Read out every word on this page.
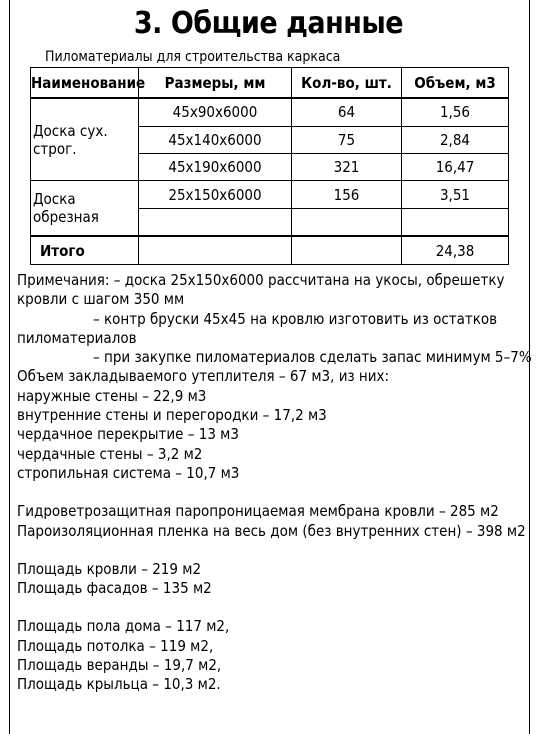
3. Общие данные
Пиломатериалы для строительства каркаса
Наименование	Размеры, мм	Кол-во, шт.	Объем, м3
Доска сух. строг.	45х90х6000	64	1,56
	45х140х6000	75	2,84
	45х190х6000	321	16,47
Доска обрезная	25х150х6000	156	3,51

Итого			24,38
Примечания: – доска 25х150х6000 рассчитана на укосы, обрешетку
кровли с шагом 350 мм
– контр бруски 45х45 на кровлю изготовить из остатков
пиломатериалов
– при закупке пиломатериалов сделать запас минимум 5–7%
Объем закладываемого утеплителя – 67 м3, из них:
наружные стены – 22,9 м3
внутренние стены и перегородки – 17,2 м3
чердачное перекрытие – 13 м3
чердачные стены – 3,2 м2
стропильная система – 10,7 м3
Гидроветрозащитная паропроницаемая мембрана кровли – 285 м2
Пароизоляционная пленка на весь дом (без внутренних стен) – 398 м2
Площадь кровли – 219 м2
Площадь фасадов – 135 м2
Площадь пола дома – 117 м2,
Площадь потолка – 119 м2,
Площадь веранды – 19,7 м2,
Площадь крыльца – 10,3 м2.
